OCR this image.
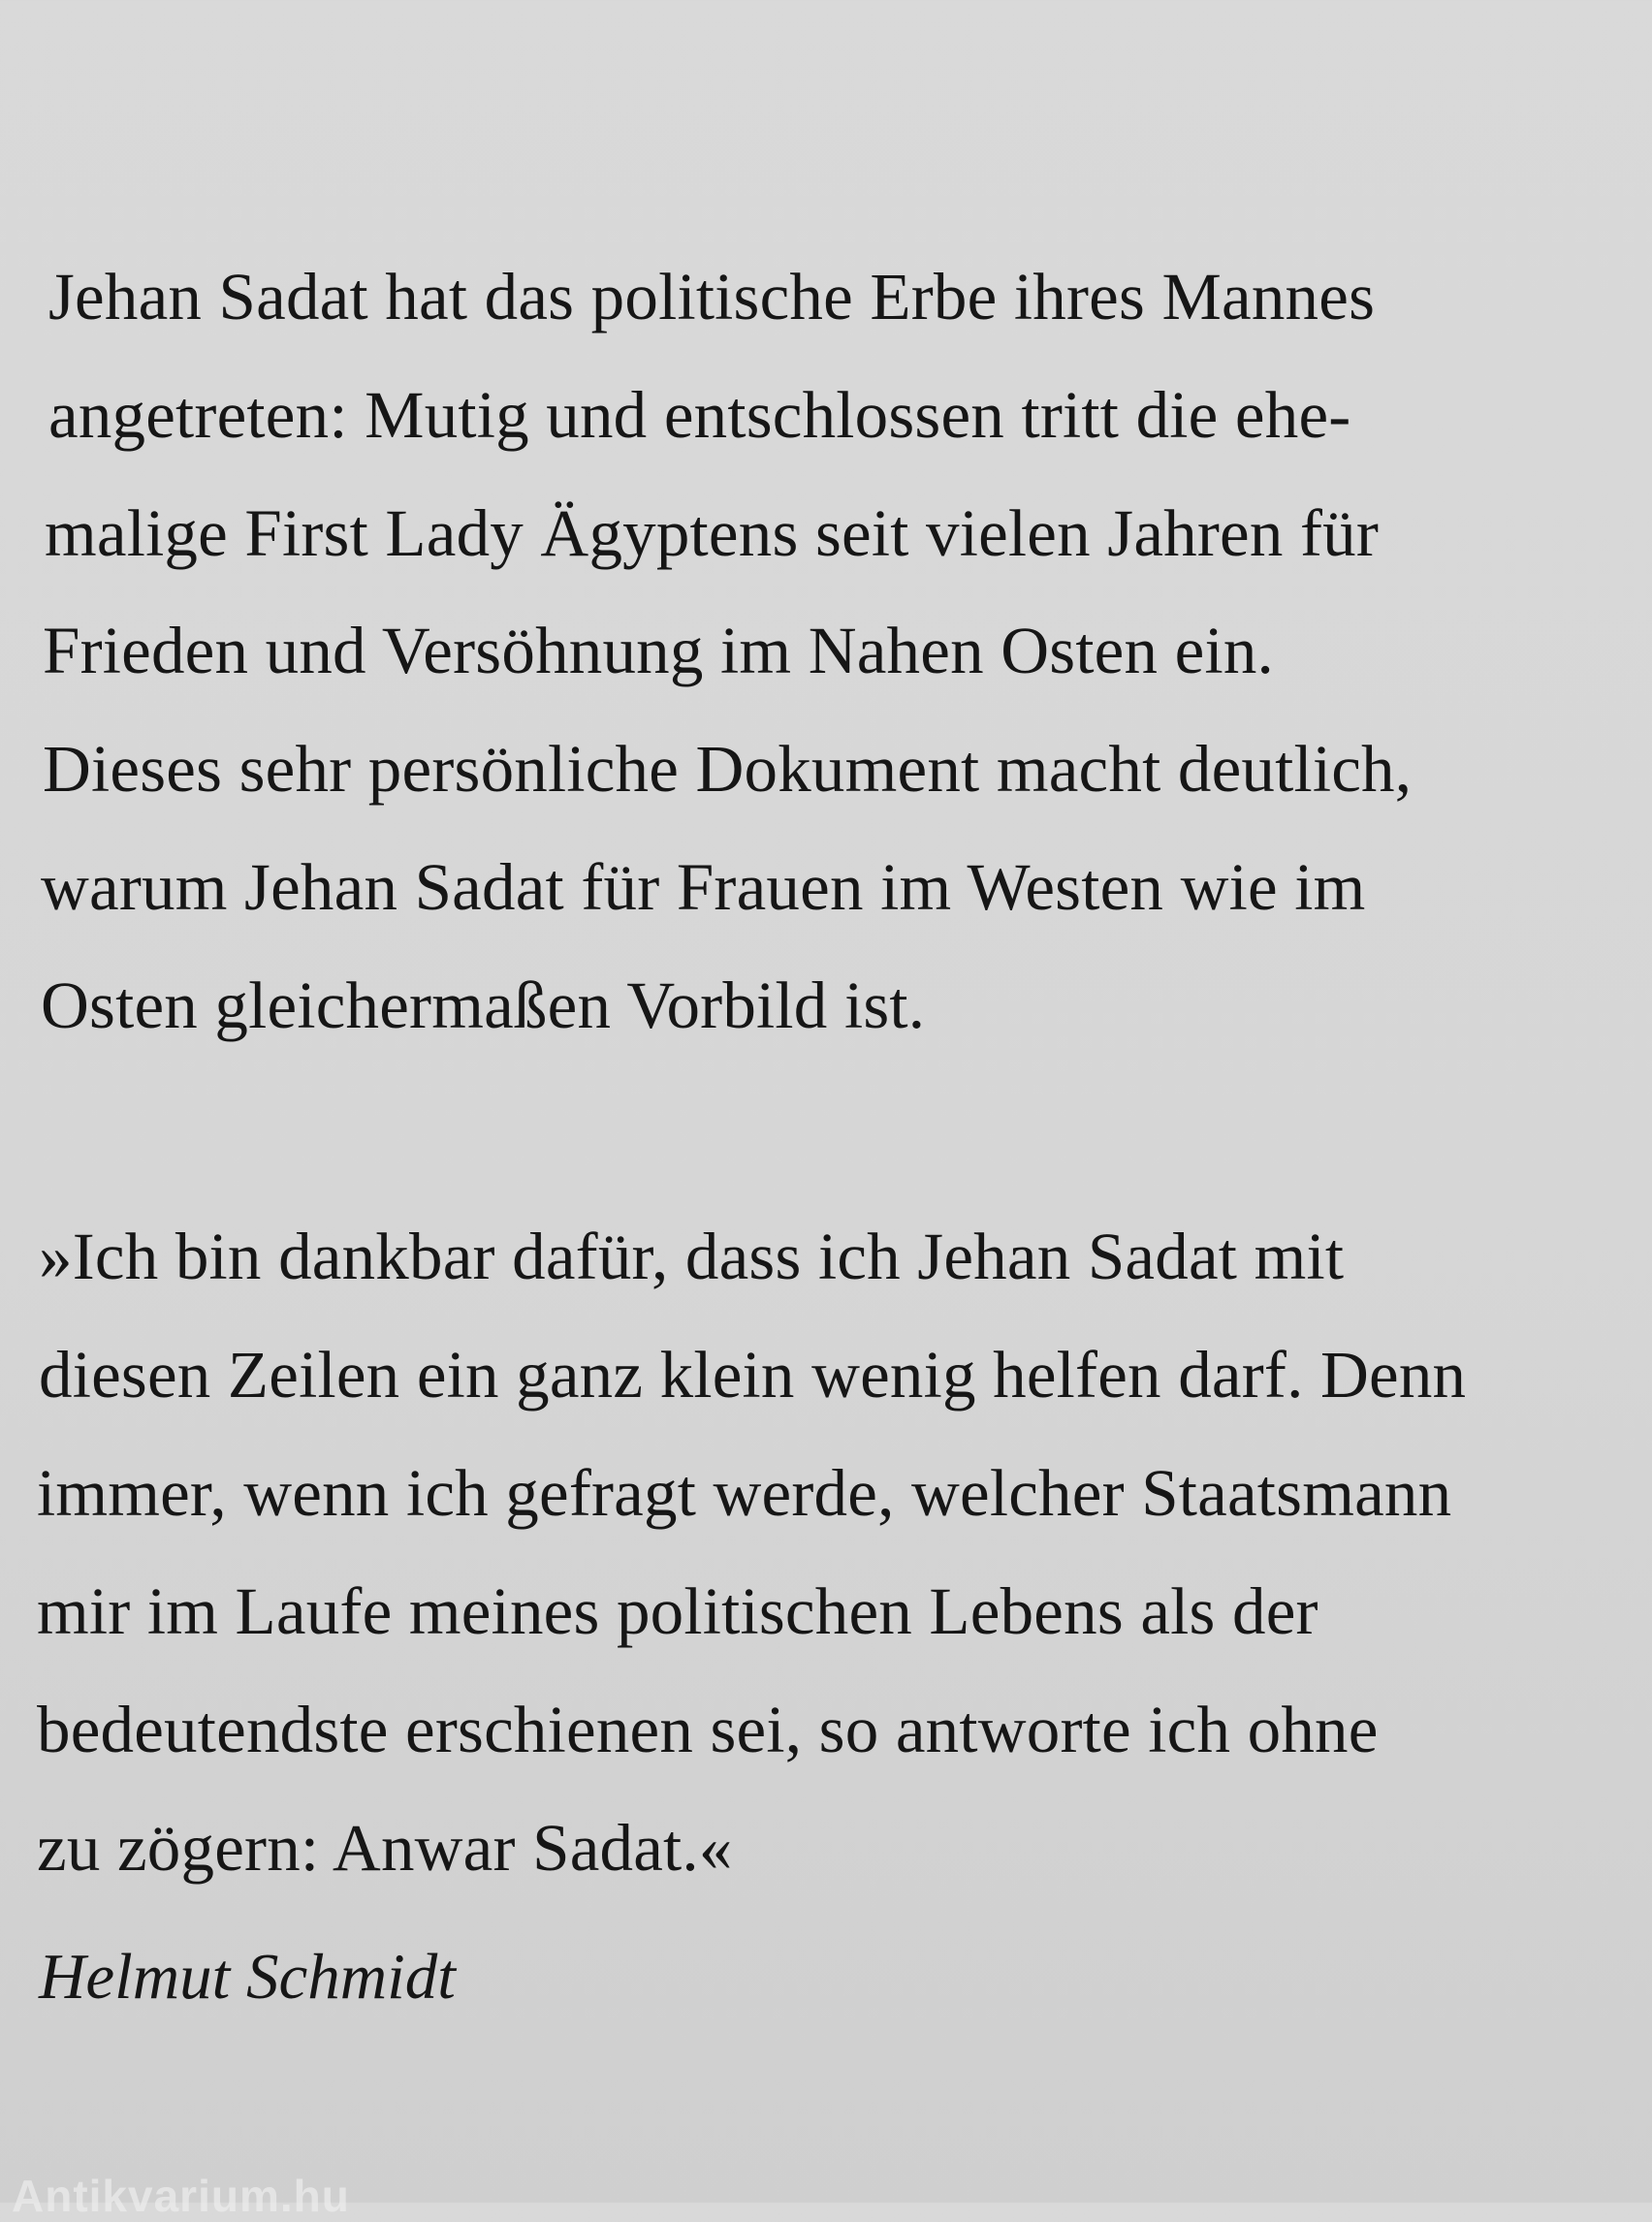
Jehan Sadat hat das politische Erbe ihres Mannes
angetreten: Mutig und entschlossen tritt die ehe-
malige First Lady Ägyptens seit vielen Jahren für
Frieden und Versöhnung im Nahen Osten ein.
Dieses sehr persönliche Dokument macht deutlich,
warum Jehan Sadat für Frauen im Westen wie im
Osten gleichermaßen Vorbild ist.
»Ich bin dankbar dafür, dass ich Jehan Sadat mit
diesen Zeilen ein ganz klein wenig helfen darf. Denn
immer, wenn ich gefragt werde, welcher Staatsmann
mir im Laufe meines politischen Lebens als der
bedeutendste erschienen sei, so antworte ich ohne
zu zögern: Anwar Sadat.«
Helmut Schmidt
Antikvarium.hu
